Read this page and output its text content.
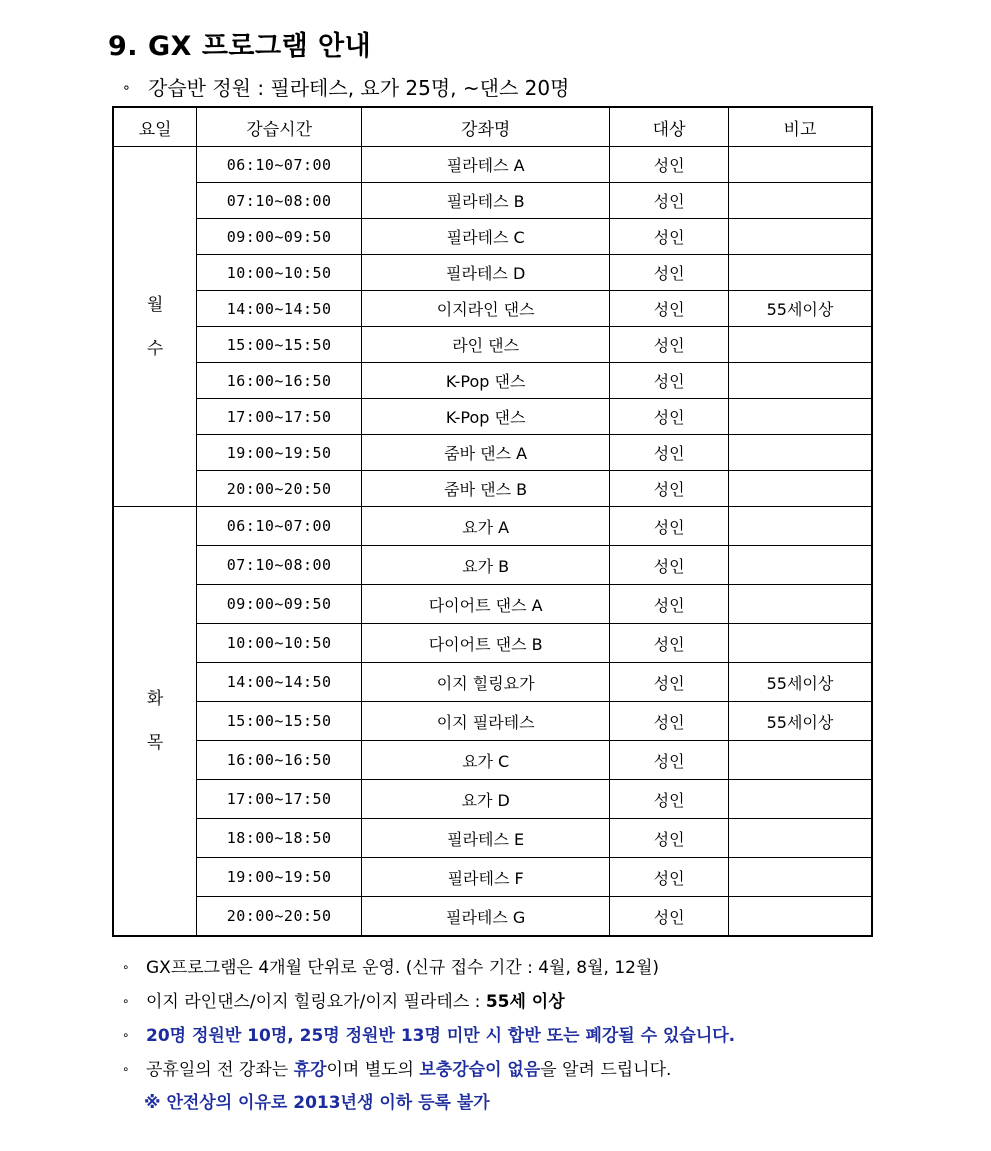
9. GX 프로그램 안내
∘ 강습반 정원 : 필라테스, 요가 25명, ~댄스 20명
요일	강습시간	강좌명	대상	비고
월
수	06:10~07:00	필라테스 A	성인	
	07:10~08:00	필라테스 B	성인	
	09:00~09:50	필라테스 C	성인	
	10:00~10:50	필라테스 D	성인	
	14:00~14:50	이지라인 댄스	성인	55세이상
	15:00~15:50	라인 댄스	성인	
	16:00~16:50	K-Pop 댄스	성인	
	17:00~17:50	K-Pop 댄스	성인	
	19:00~19:50	줌바 댄스 A	성인	
	20:00~20:50	줌바 댄스 B	성인	
화
목	06:10~07:00	요가 A	성인	
	07:10~08:00	요가 B	성인	
	09:00~09:50	다이어트 댄스 A	성인	
	10:00~10:50	다이어트 댄스 B	성인	
	14:00~14:50	이지 힐링요가	성인	55세이상
	15:00~15:50	이지 필라테스	성인	55세이상
	16:00~16:50	요가 C	성인	
	17:00~17:50	요가 D	성인	
	18:00~18:50	필라테스 E	성인	
	19:00~19:50	필라테스 F	성인	
	20:00~20:50	필라테스 G	성인	
∘ GX프로그램은 4개월 단위로 운영. (신규 접수 기간 : 4월, 8월, 12월)
∘ 이지 라인댄스/이지 힐링요가/이지 필라테스 : 55세 이상
∘ 20명 정원반 10명, 25명 정원반 13명 미만 시 합반 또는 폐강될 수 있습니다.
∘ 공휴일의 전 강좌는 휴강이며 별도의 보충강습이 없음을 알려 드립니다.
※ 안전상의 이유로 2013년생 이하 등록 불가
